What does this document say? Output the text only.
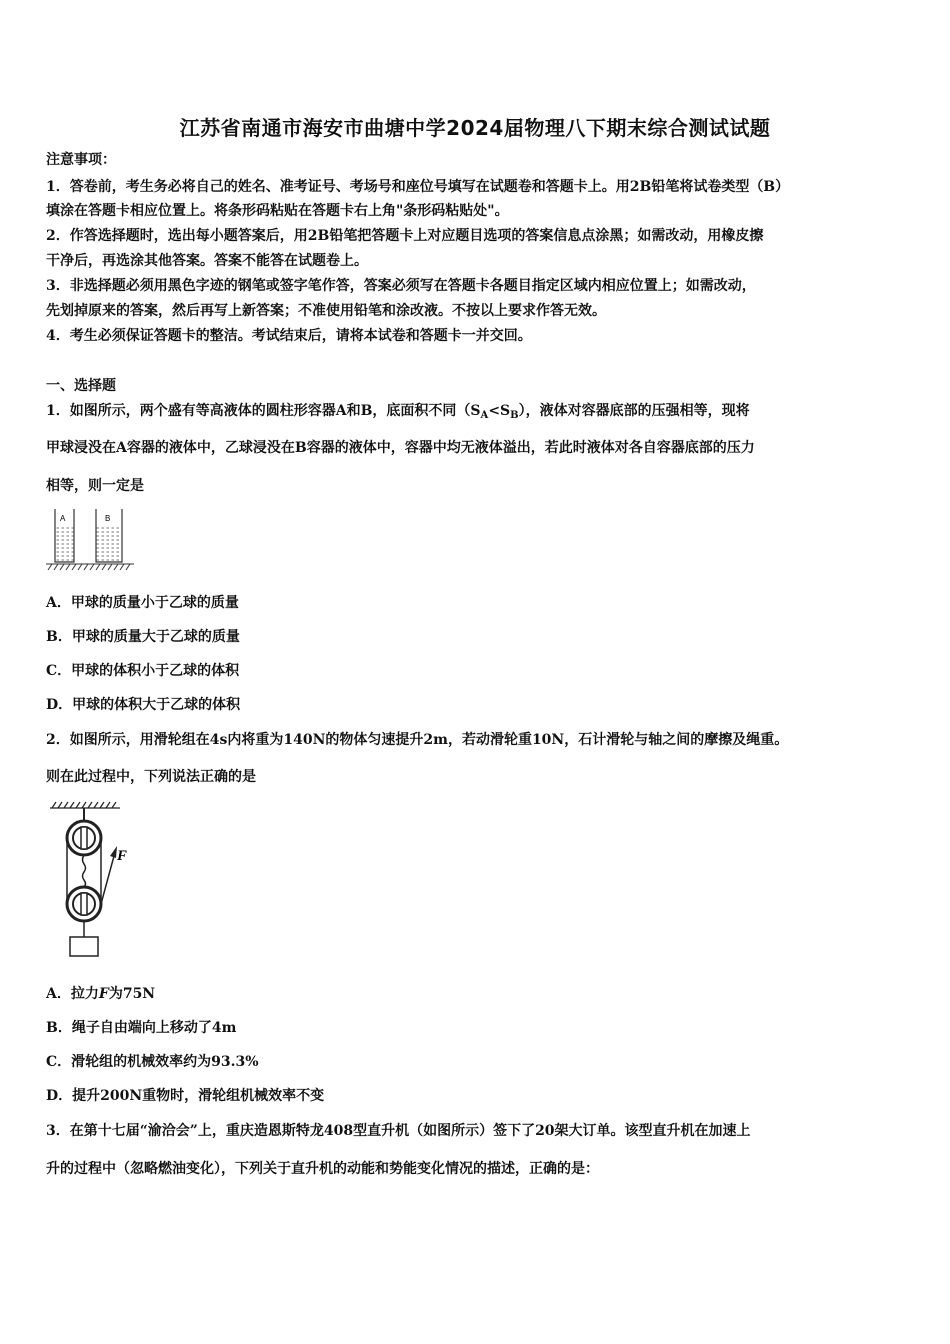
江苏省南通市海安市曲塘中学2024届物理八下期末综合测试试题
注意事项：
1．答卷前，考生务必将自己的姓名、准考证号、考场号和座位号填写在试题卷和答题卡上。用2B铅笔将试卷类型（B）
填涂在答题卡相应位置上。将条形码粘贴在答题卡右上角"条形码粘贴处"。
2．作答选择题时，选出每小题答案后，用2B铅笔把答题卡上对应题目选项的答案信息点涂黑；如需改动，用橡皮擦
干净后，再选涂其他答案。答案不能答在试题卷上。
3．非选择题必须用黑色字迹的钢笔或签字笔作答，答案必须写在答题卡各题目指定区域内相应位置上；如需改动，
先划掉原来的答案，然后再写上新答案；不准使用铅笔和涂改液。不按以上要求作答无效。
4．考生必须保证答题卡的整洁。考试结束后，请将本试卷和答题卡一并交回。
一、选择题
1．如图所示，两个盛有等高液体的圆柱形容器A和B，底面积不同$(S_A<S_B)$，液体对容器底部的压强相等，现将
甲球浸没在A容器的液体中，乙球浸没在B容器的液体中，容器中均无液体溢出，若此时液体对各自容器底部的压力
相等，则一定是
A	B
A．甲球的质量小于乙球的质量
B．甲球的质量大于乙球的质量
C．甲球的体积小于乙球的体积
D．甲球的体积大于乙球的体积
2．如图所示，用滑轮组在4s内将重为140N的物体匀速提升2m，若动滑轮重10N，石计滑轮与轴之间的摩擦及绳重。
则在此过程中，下列说法正确的是
F
A．拉力F为75N
B．绳子自由端向上移动了4m
C．滑轮组的机械效率约为93.3%
D．提升200N重物时，滑轮组机械效率不变
3．在第十七届“渝洽会”上，重庆造恩斯特龙408型直升机（如图所示）签下了20架大订单。该型直升机在加速上
升的过程中（忽略燃油变化），下列关于直升机的动能和势能变化情况的描述，正确的是：
